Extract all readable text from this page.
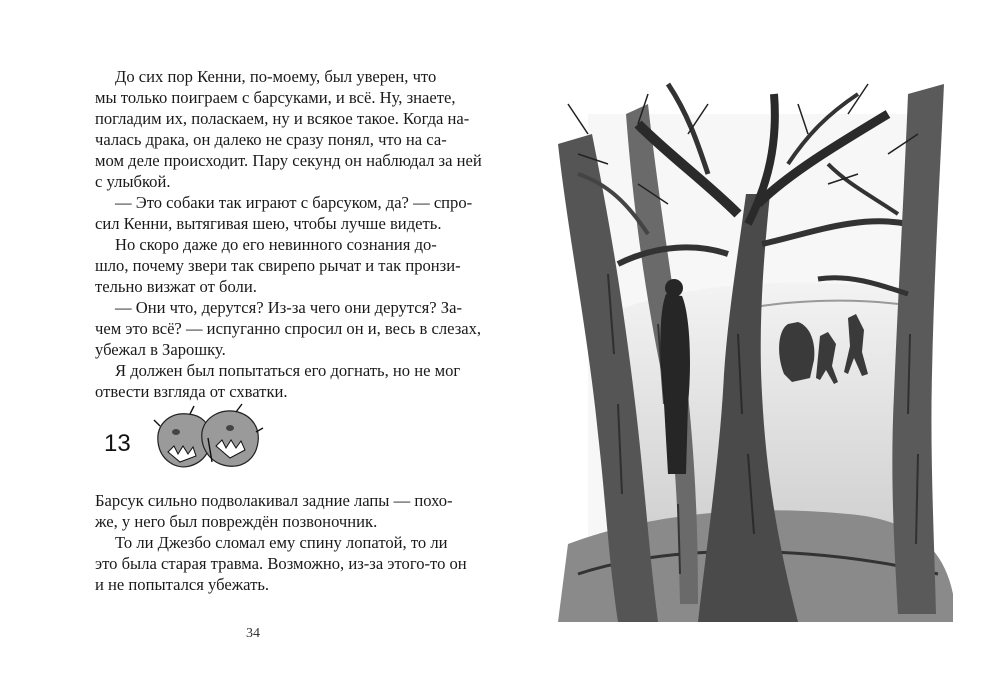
До сих пор Кенни, по-моему, был уверен, что
мы только поиграем с барсуками, и всё. Ну, знаете,
погладим их, поласкаем, ну и всякое такое. Когда на-
чалась драка, он далеко не сразу понял, что на са-
мом деле происходит. Пару секунд он наблюдал за ней
с улыбкой.
— Это собаки так играют с барсуком, да? — спро-
сил Кенни, вытягивая шею, чтобы лучше видеть.
Но скоро даже до его невинного сознания до-
шло, почему звери так свирепо рычат и так пронзи-
тельно визжат от боли.
— Они что, дерутся? Из-за чего они дерутся? За-
чем это всё? — испуганно спросил он и, весь в слезах,
убежал в Зарошку.
Я должен был попытаться его догнать, но не мог
отвести взгляда от схватки.
13
Барсук сильно подволакивал задние лапы — похо-
же, у него был повреждён позвоночник.
То ли Джезбо сломал ему спину лопатой, то ли
это была старая травма. Возможно, из-за этого-то он
и не попытался убежать.
34
